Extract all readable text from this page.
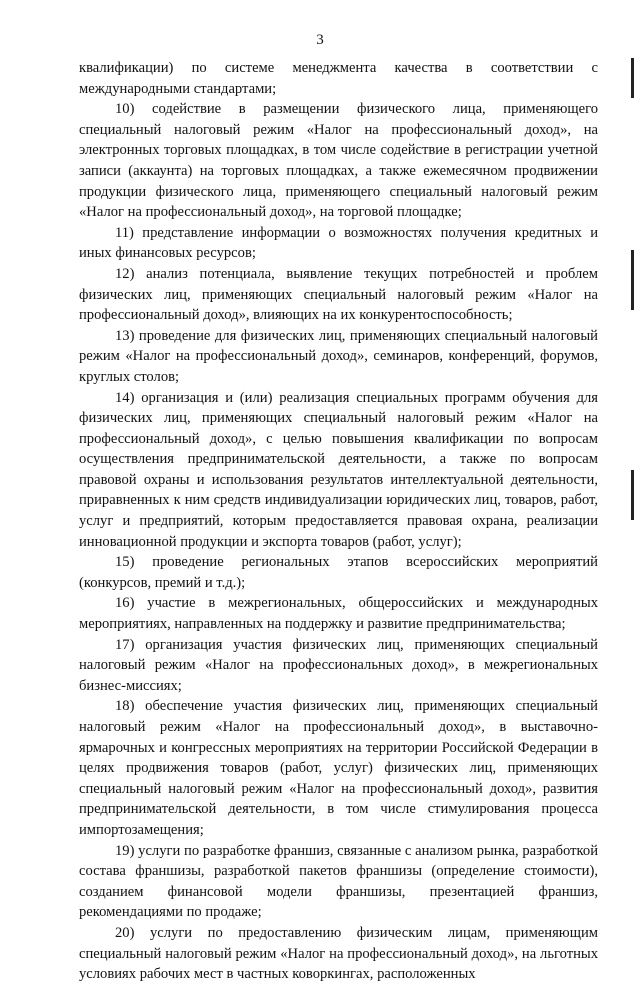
3

квалификации) по системе менеджмента качества в соответствии с международными стандартами;

10) содействие в размещении физического лица, применяющего специальный налоговый режим «Налог на профессиональный доход», на электронных торговых площадках, в том числе содействие в регистрации учетной записи (аккаунта) на торговых площадках, а также ежемесячном продвижении продукции физического лица, применяющего специальный налоговый режим «Налог на профессиональный доход», на торговой площадке;

11) представление информации о возможностях получения кредитных и иных финансовых ресурсов;

12) анализ потенциала, выявление текущих потребностей и проблем физических лиц, применяющих специальный налоговый режим «Налог на профессиональный доход», влияющих на их конкурентоспособность;

13) проведение для физических лиц, применяющих специальный налоговый режим «Налог на профессиональный доход», семинаров, конференций, форумов, круглых столов;

14) организация и (или) реализация специальных программ обучения для физических лиц, применяющих специальный налоговый режим «Налог на профессиональный доход», с целью повышения квалификации по вопросам осуществления предпринимательской деятельности, а также по вопросам правовой охраны и использования результатов интеллектуальной деятельности, приравненных к ним средств индивидуализации юридических лиц, товаров, работ, услуг и предприятий, которым предоставляется правовая охрана, реализации инновационной продукции и экспорта товаров (работ, услуг);

15) проведение региональных этапов всероссийских мероприятий (конкурсов, премий и т.д.);

16) участие в межрегиональных, общероссийских и международных мероприятиях, направленных на поддержку и развитие предпринимательства;

17) организация участия физических лиц, применяющих специальный налоговый режим «Налог на профессиональных доход», в межрегиональных бизнес-миссиях;

18) обеспечение участия физических лиц, применяющих специальный налоговый режим «Налог на профессиональный доход», в выставочно-ярмарочных и конгрессных мероприятиях на территории Российской Федерации в целях продвижения товаров (работ, услуг) физических лиц, применяющих специальный налоговый режим «Налог на профессиональный доход», развития предпринимательской деятельности, в том числе стимулирования процесса импортозамещения;

19) услуги по разработке франшиз, связанные с анализом рынка, разработкой состава франшизы, разработкой пакетов франшизы (определение стоимости), созданием финансовой модели франшизы, презентацией франшиз, рекомендациями по продаже;

20) услуги по предоставлению физическим лицам, применяющим специальный налоговый режим «Налог на профессиональный доход», на льготных условиях рабочих мест в частных коворкингах, расположенных
